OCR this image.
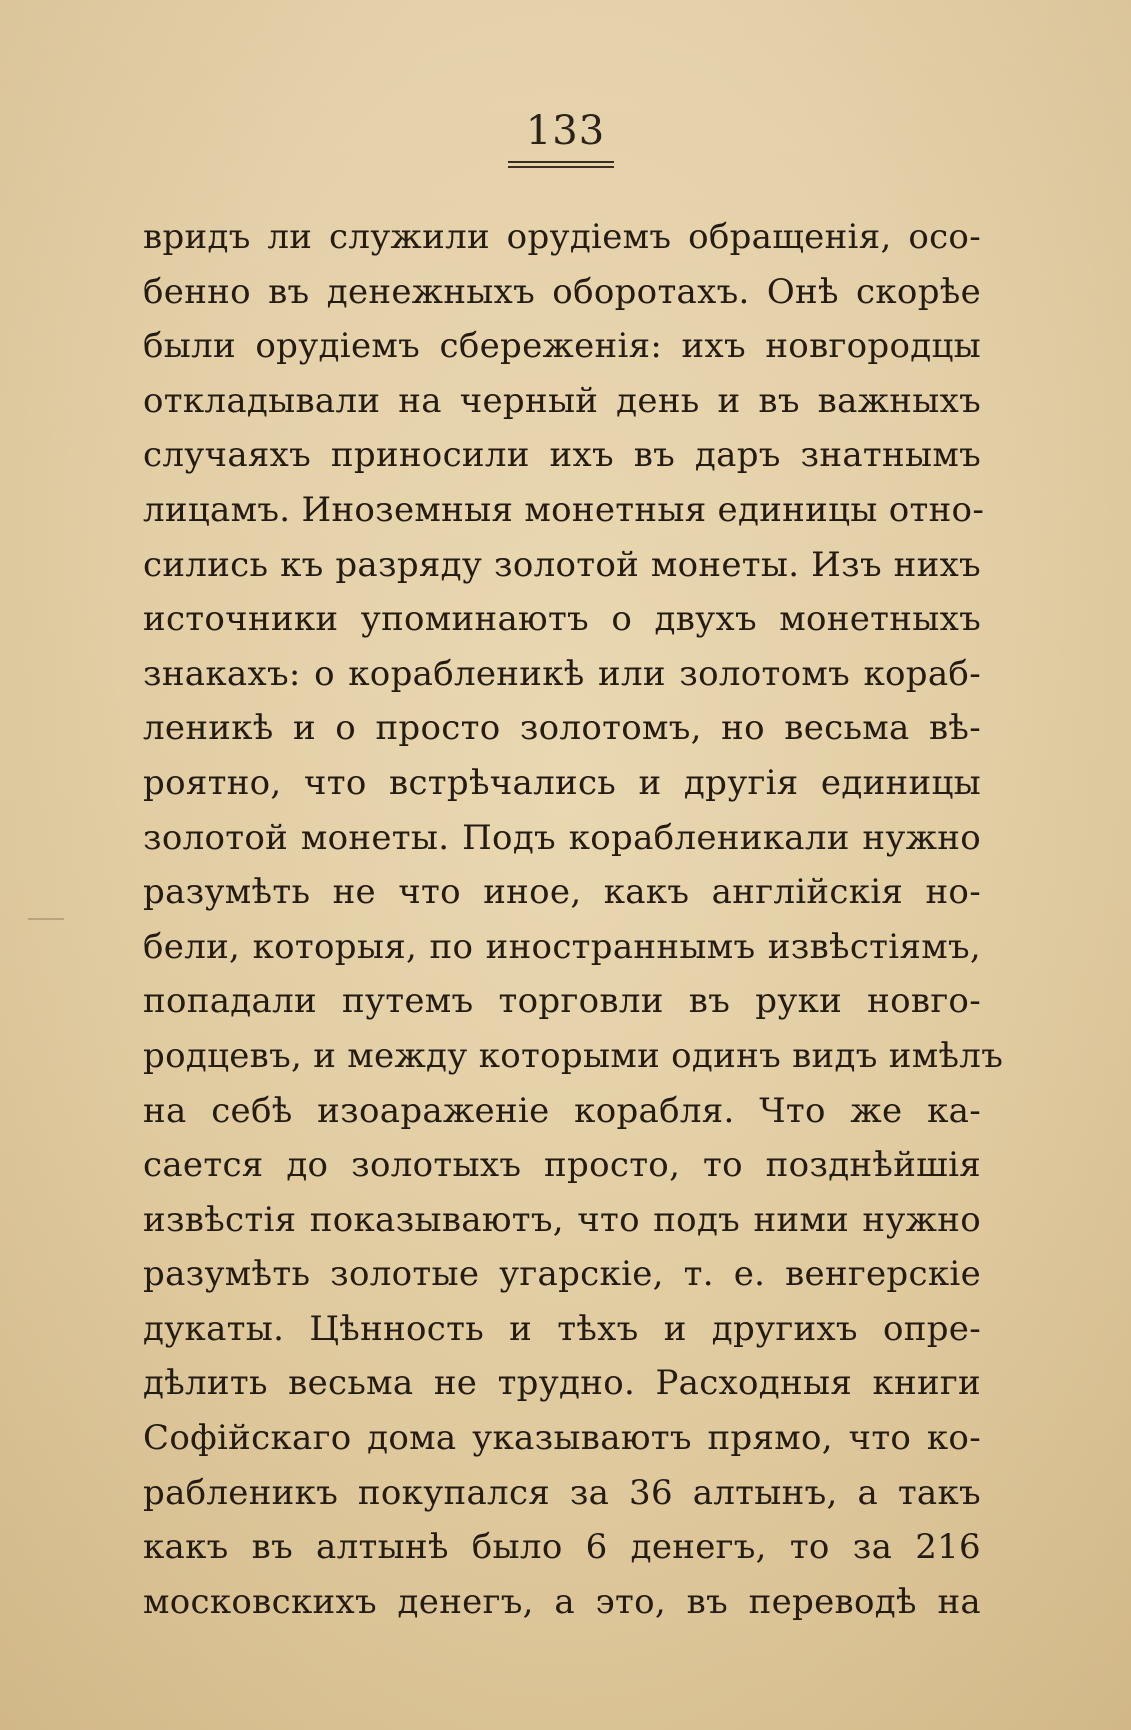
133
вридъ ли служили орудіемъ обращенія, осо-
бенно въ денежныхъ оборотахъ. Онѣ скорѣе
были орудіемъ сбереженія: ихъ новгородцы
откладывали на черный день и въ важныхъ
случаяхъ приносили ихъ въ даръ знатнымъ
лицамъ. Иноземныя монетныя единицы отно-
сились къ разряду золотой монеты. Изъ нихъ
источники упоминаютъ о двухъ монетныхъ
знакахъ: о корабленикѣ или золотомъ кораб-
леникѣ и о просто золотомъ, но весьма вѣ-
роятно, что встрѣчались и другія единицы
золотой монеты. Подъ корабленикали нужно
разумѣть не что иное, какъ англійскія но-
бели, которыя, по иностраннымъ извѣстіямъ,
попадали путемъ торговли въ руки новго-
родцевъ, и между которыми одинъ видъ имѣлъ
на себѣ изоараженіе корабля. Что же ка-
сается до золотыхъ просто, то позднѣйшія
извѣстія показываютъ, что подъ ними нужно
разумѣть золотые угарскіе, т. е. венгерскіе
дукаты. Цѣнность и тѣхъ и другихъ опре-
дѣлить весьма не трудно. Расходныя книги
Софійскаго дома указываютъ прямо, что ко-
рабленикъ покупался за 36 алтынъ, а такъ
какъ въ алтынѣ было 6 денегъ, то за 216
московскихъ денегъ, а это, въ переводѣ на
